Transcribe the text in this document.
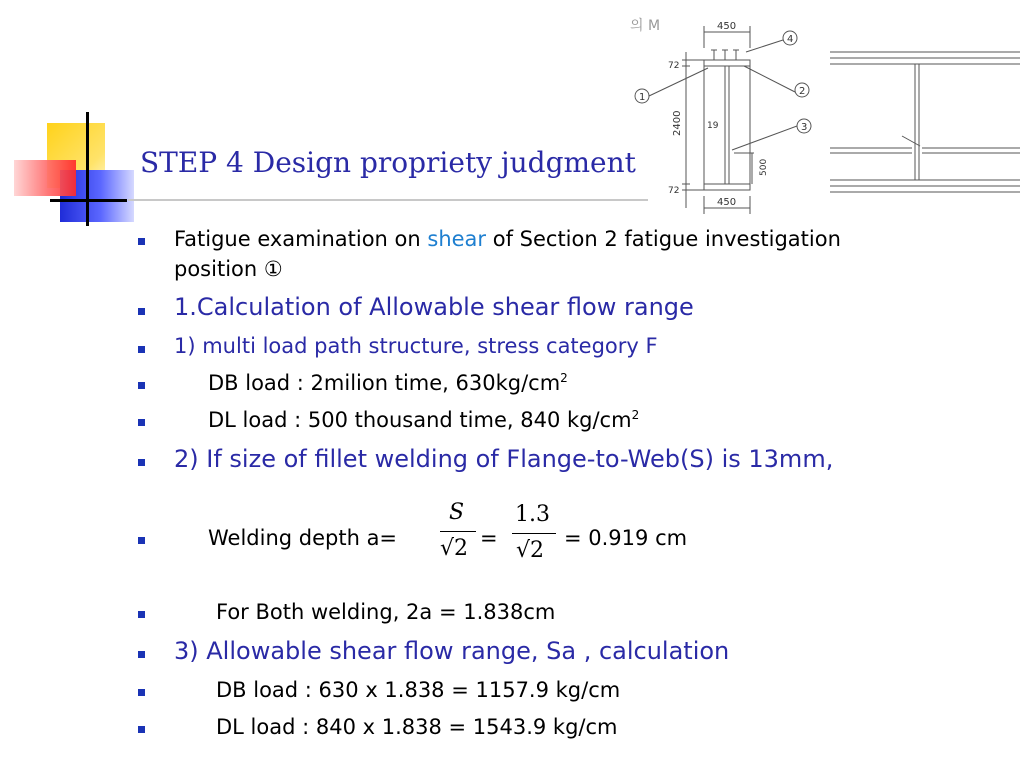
STEP 4 Design propriety judgment
의 M	450
72
2400
72
19
500
450
1
2
3
4
Fatigue examination on shear of Section 2 fatigue investigation
position ①
1.Calculation of Allowable shear flow range
1) multi load path structure, stress category F
DB load : 2milion time, $630kg/cm^2$
DL load : 500 thousand time, 840 $kg/cm^2$
2) If size of fillet welding of Flange-to-Web(S) is 13mm,
Welding depth a=	=	= 0.919 cm
S
√2
1.3
√2
For Both welding, 2a = 1.838cm
3) Allowable shear flow range, Sa , calculation
DB load : 630 x 1.838 = 1157.9 kg/cm
DL load : 840 x 1.838 = 1543.9 kg/cm
